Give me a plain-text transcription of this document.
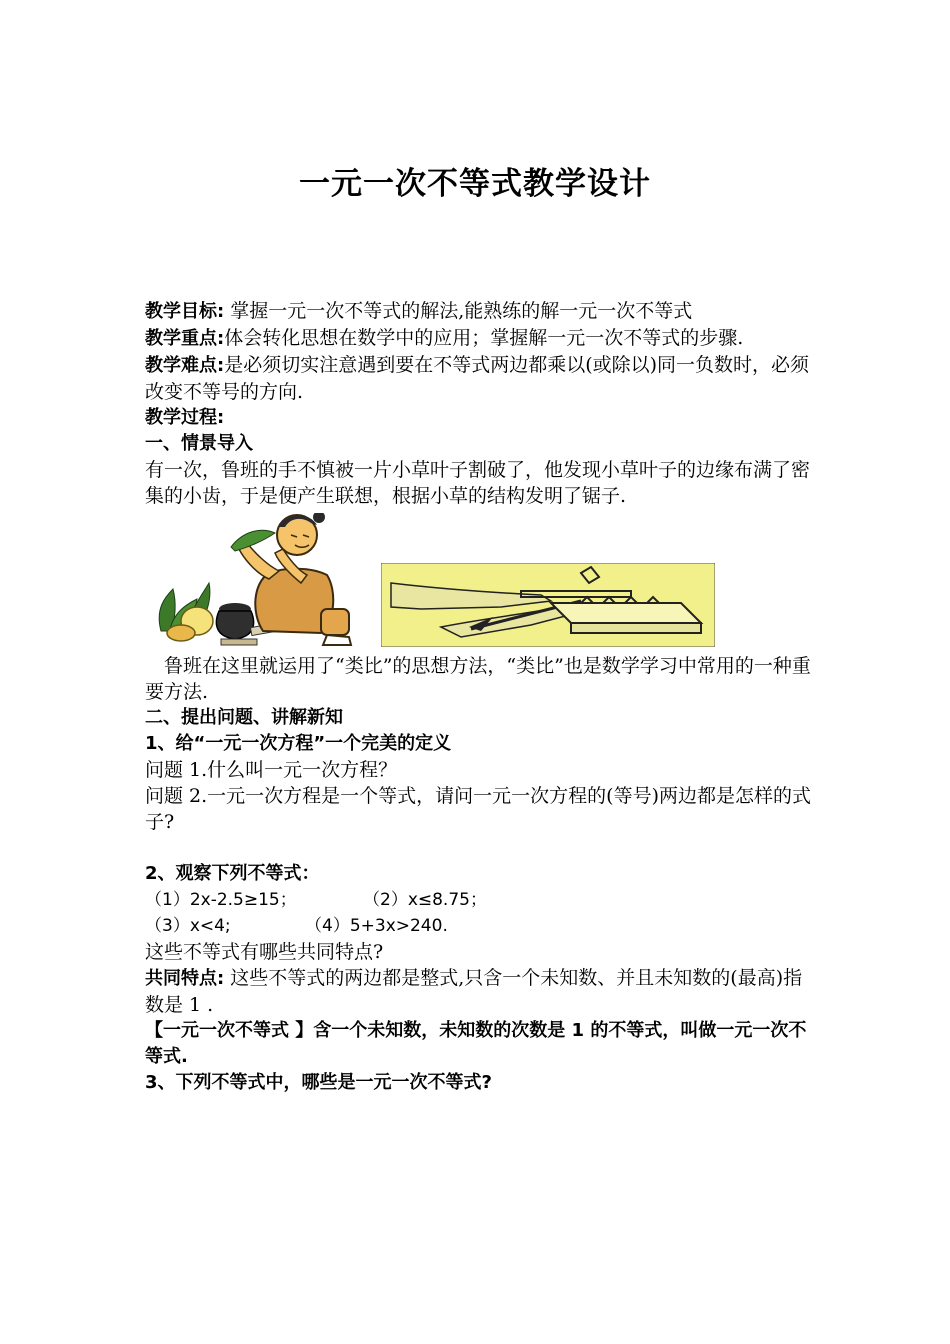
一元一次不等式教学设计

教学目标: 掌握一元一次不等式的解法,能熟练的解一元一次不等式

教学重点:体会转化思想在数学中的应用；掌握解一元一次不等式的步骤.

教学难点:是必须切实注意遇到要在不等式两边都乘以(或除以)同一负数时，必须改变不等号的方向.

教学过程:

一、情景导入

有一次，鲁班的手不慎被一片小草叶子割破了，他发现小草叶子的边缘布满了密集的小齿，于是便产生联想，根据小草的结构发明了锯子.

鲁班在这里就运用了“类比”的思想方法，“类比”也是数学学习中常用的一种重要方法.

二、提出问题、讲解新知

1、给“一元一次方程”一个完美的定义

问题 1.什么叫一元一次方程？

问题 2.一元一次方程是一个等式，请问一元一次方程的(等号)两边都是怎样的式子?

2、观察下列不等式：

（1）2x-2.5≥15；	（2）x≤8.75；

（3）x<4;	（4）5+3x>240.

这些不等式有哪些共同特点?

共同特点: 这些不等式的两边都是整式,只含一个未知数、并且未知数的(最高)指数是 1 .

【一元一次不等式 】含一个未知数，未知数的次数是 1 的不等式，叫做一元一次不等式.

3、下列不等式中，哪些是一元一次不等式?
